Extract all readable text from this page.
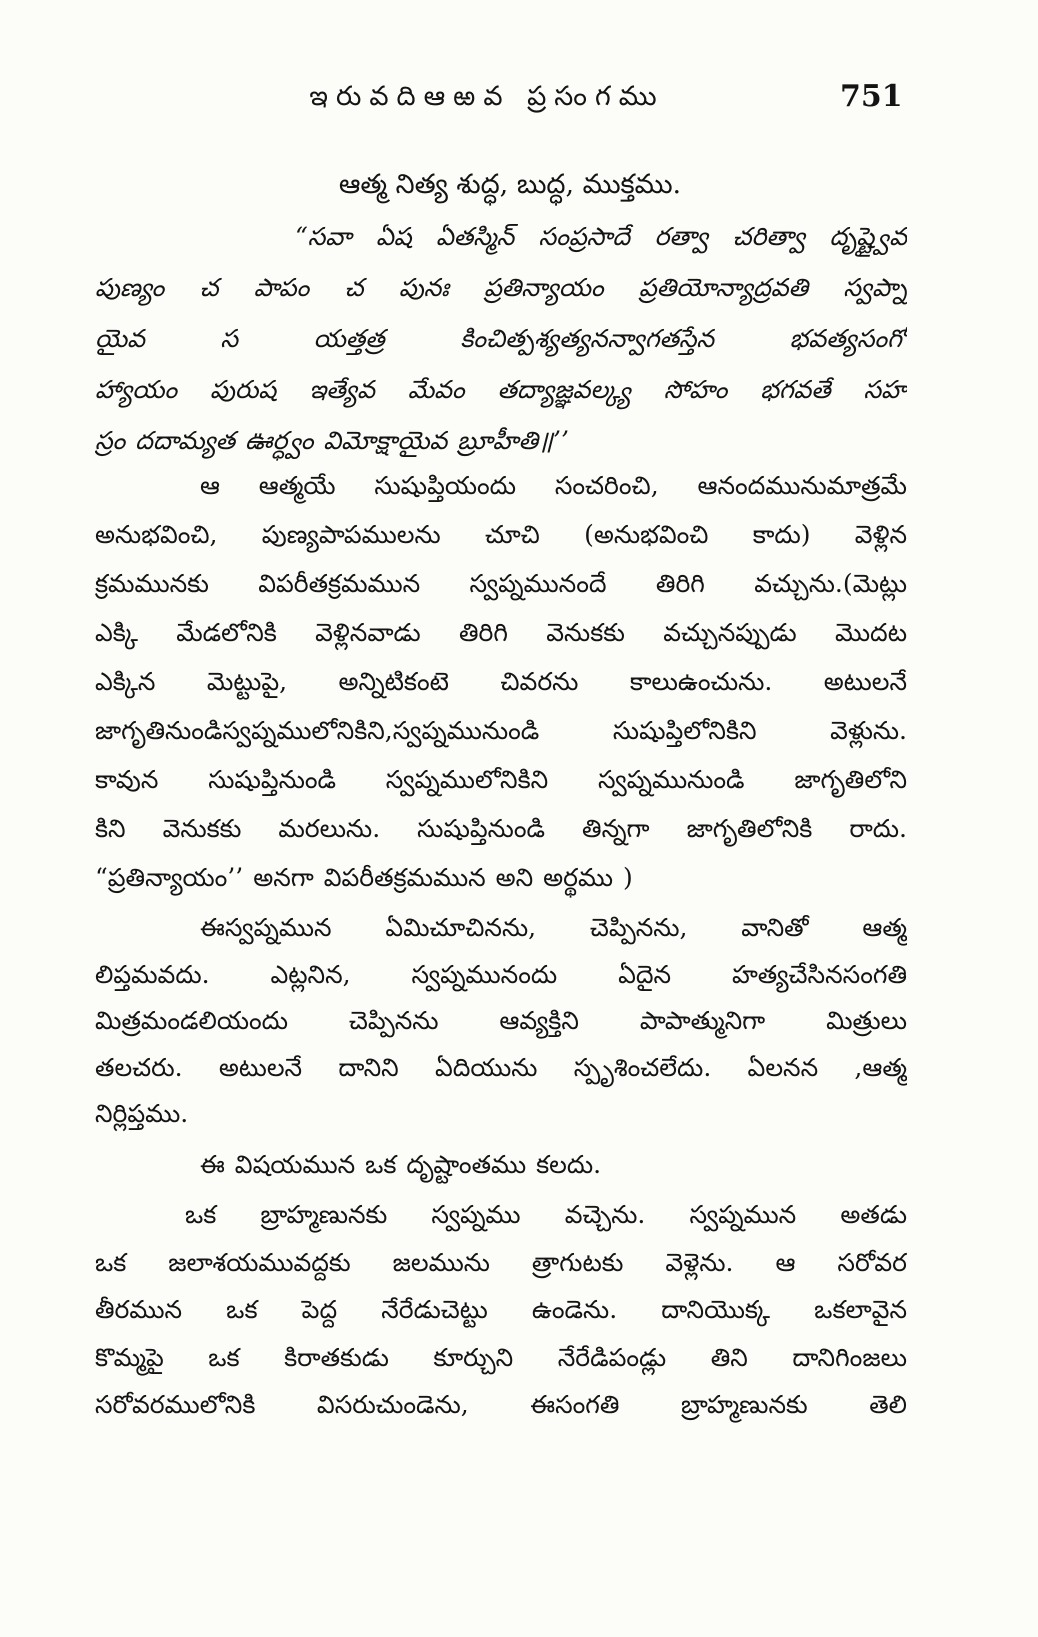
ఇరువదిఆఱవ ప్రసంగము	751
ఆత్మ నిత్య శుద్ధ, బుద్ధ, ముక్తము.
“సవా ఏష ఏతస్మిన్ సంప్రసాదే రత్వా చరిత్వా దృష్ట్వైవ
పుణ్యం చ పాపం చ పునః ప్రతిన్యాయం ప్రతియోన్యాద్రవతి స్వప్నా
యైవ స యత్తత్ర కించిత్పశ్యత్యనన్వాగతస్తేన భవత్యసంగో
హ్యాయం పురుష ఇత్యేవ మేవం తద్యాజ్ఞవల్క్య సోహం భగవతే సహ
స్రం దదామ్యత ఊర్ధ్వం విమోక్షాయైవ బ్రూహీతి॥’’
ఆ ఆత్మయే సుషుప్తియందు సంచరించి, ఆనందమునుమాత్రమే
అనుభవించి, పుణ్యపాపములను చూచి (అనుభవించి కాదు) వెళ్లిన
క్రమమునకు విపరీతక్రమమున స్వప్నమునందే తిరిగి వచ్చును.(మెట్లు
ఎక్కి మేడలోనికి వెళ్లినవాడు తిరిగి వెనుకకు వచ్చునప్పుడు మొదట
ఎక్కిన మెట్టుపై, అన్నిటికంటె చివరను కాలుఉంచును. అటులనే
జాగృతినుండిస్వప్నములోనికిని,స్వప్నమునుండి సుషుప్తిలోనికిని వెళ్లును.
కావున సుషుప్తినుండి స్వప్నములోనికిని స్వప్నమునుండి జాగృతిలోని
కిని వెనుకకు మరలును. సుషుప్తినుండి తిన్నగా జాగృతిలోనికి రాదు.
“ప్రతిన్యాయం’’ అనగా విపరీతక్రమమున అని అర్థము )
ఈస్వప్నమున ఏమిచూచినను, చెప్పినను, వానితో ఆత్మ
లిప్తమవదు. ఎట్లనిన, స్వప్నమునందు ఏదైన హత్యచేసినసంగతి
మిత్రమండలియందు చెప్పినను ఆవ్యక్తిని పాపాత్మునిగా మిత్రులు
తలచరు. అటులనే దానిని ఏదియును స్పృశించలేదు. ఏలనన ,ఆత్మ
నిర్లిప్తము.
ఈ విషయమున ఒక దృష్టాంతము కలదు.
ఒక బ్రాహ్మణునకు స్వప్నము వచ్చెను. స్వప్నమున అతడు
ఒక జలాశయమువద్దకు జలమును త్రాగుటకు వెళ్లెను. ఆ సరోవర
తీరమున ఒక పెద్ద నేరేడుచెట్టు ఉండెను. దానియొక్క ఒకలావైన
కొమ్మపై ఒక కిరాతకుడు కూర్చుని నేరేడిపండ్లు తిని దానిగింజలు
సరోవరములోనికి విసరుచుండెను, ఈసంగతి బ్రాహ్మణునకు తెలి
